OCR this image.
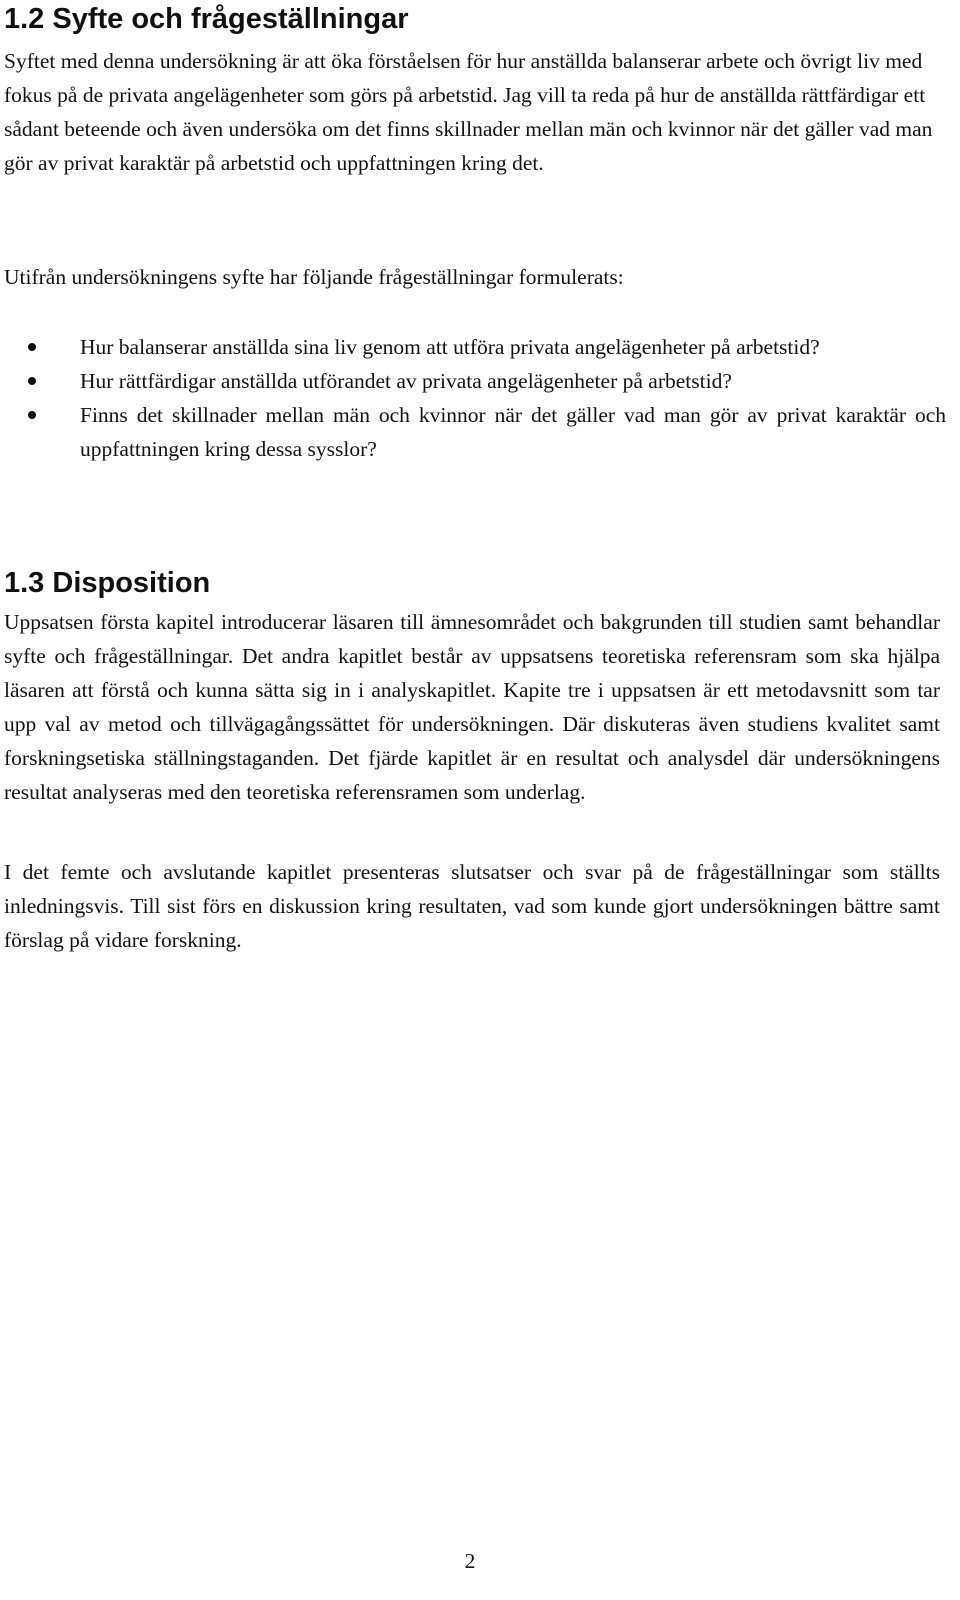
1.2 Syfte och frågeställningar

Syftet med denna undersökning är att öka förståelsen för hur anställda balanserar arbete och övrigt liv med fokus på de privata angelägenheter som görs på arbetstid. Jag vill ta reda på hur de anställda rättfärdigar ett sådant beteende och även undersöka om det finns skillnader mellan män och kvinnor när det gäller vad man gör av privat karaktär på arbetstid och uppfattningen kring det.

Utifrån undersökningens syfte har följande frågeställningar formulerats:

Hur balanserar anställda sina liv genom att utföra privata angelägenheter på arbetstid?
Hur rättfärdigar anställda utförandet av privata angelägenheter på arbetstid?
Finns det skillnader mellan män och kvinnor när det gäller vad man gör av privat karaktär och uppfattningen kring dessa sysslor?
1.3 Disposition

Uppsatsen första kapitel introducerar läsaren till ämnesområdet och bakgrunden till studien samt behandlar syfte och frågeställningar. Det andra kapitlet består av uppsatsens teoretiska referensram som ska hjälpa läsaren att förstå och kunna sätta sig in i analyskapitlet. Kapite tre i uppsatsen är ett metodavsnitt som tar upp val av metod och tillvägagångssättet för undersökningen. Där diskuteras även studiens kvalitet samt forskningsetiska ställningstaganden. Det fjärde kapitlet är en resultat och analysdel där undersökningens resultat analyseras med den teoretiska referensramen som underlag.

I det femte och avslutande kapitlet presenteras slutsatser och svar på de frågeställningar som ställts inledningsvis. Till sist förs en diskussion kring resultaten, vad som kunde gjort undersökningen bättre samt förslag på vidare forskning.

2
